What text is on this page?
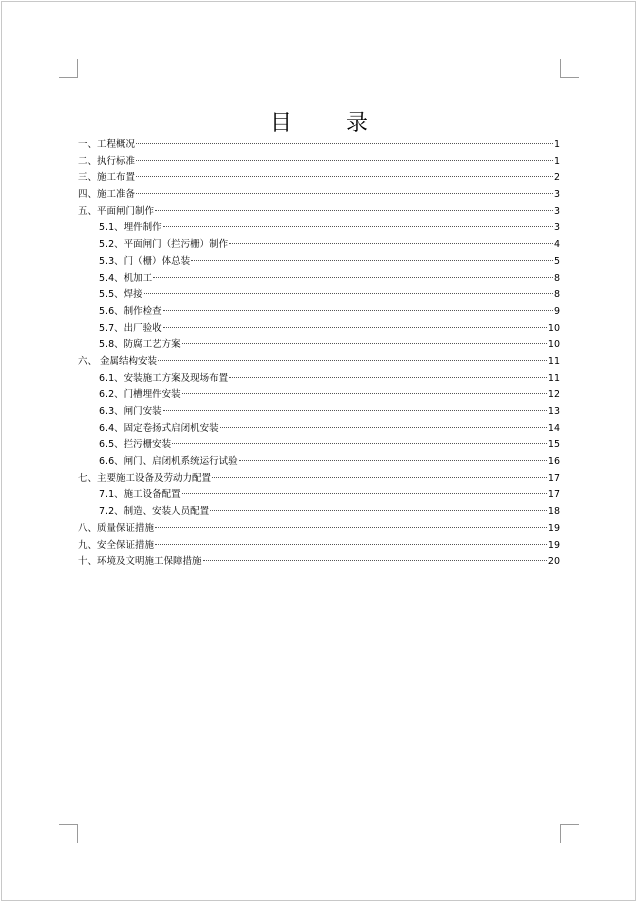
目　录
一、工程概况	1
二、执行标准	1
三、施工布置	2
四、施工准备	3
五、平面闸门制作	3
5.1、埋件制作	3
5.2、平面闸门（拦污栅）制作	4
5.3、门（栅）体总装	5
5.4、机加工	8
5.5、焊接	8
5.6、制作检查	9
5.7、出厂验收	10
5.8、防腐工艺方案	10
六、 金属结构安装	11
6.1、安装施工方案及现场布置	11
6.2、门槽埋件安装	12
6.3、闸门安装	13
6.4、固定卷扬式启闭机安装	14
6.5、拦污栅安装	15
6.6、闸门、启闭机系统运行试验	16
七、主要施工设备及劳动力配置	17
7.1、施工设备配置	17
7.2、制造、安装人员配置	18
八、质量保证措施	19
九、安全保证措施	19
十、环境及文明施工保障措施	20
